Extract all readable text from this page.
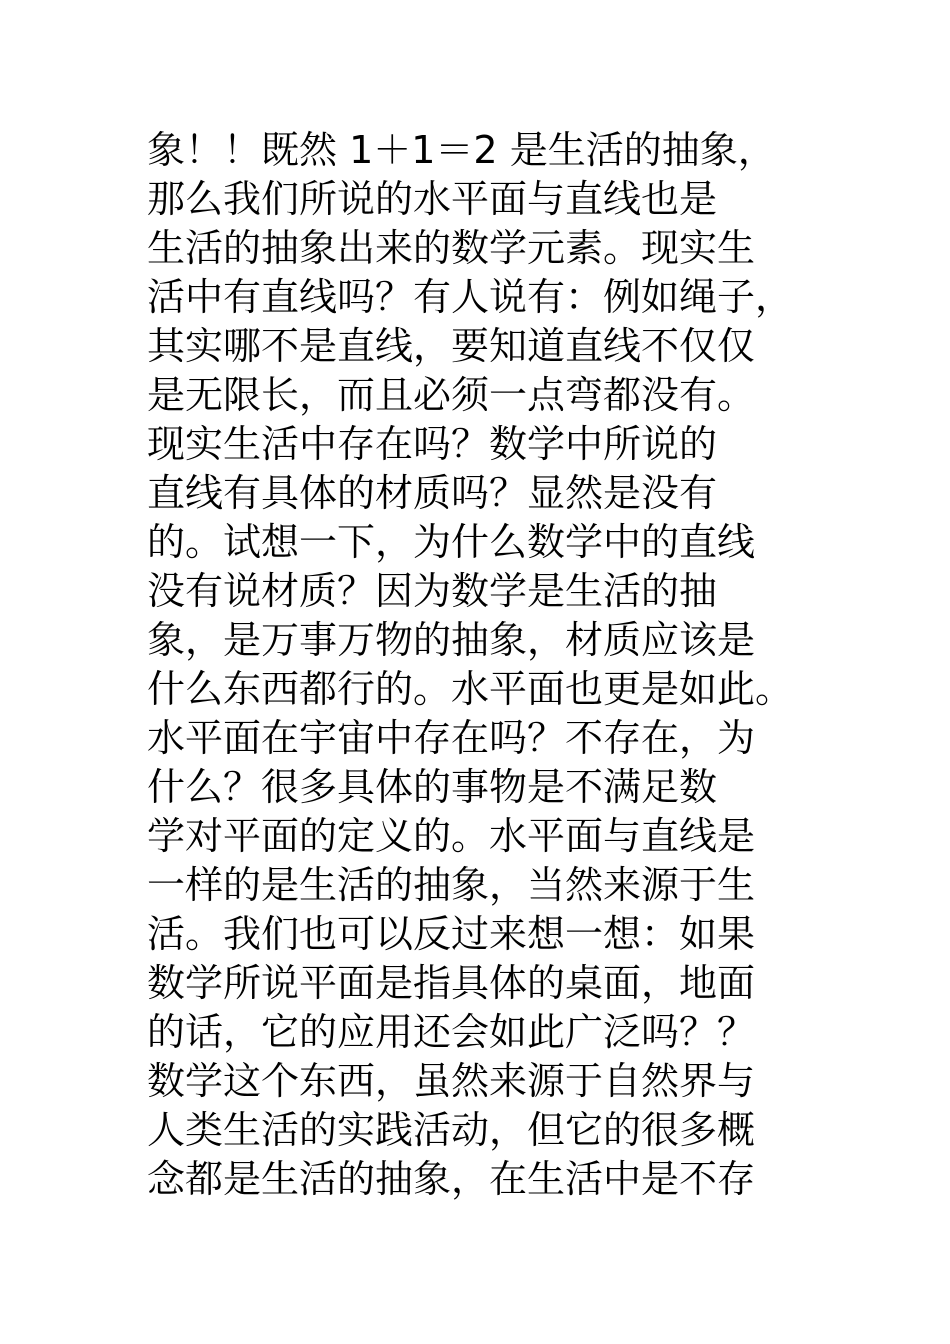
象！！既然 1＋1＝2 是生活的抽象，
那么我们所说的水平面与直线也是
生活的抽象出来的数学元素。现实生
活中有直线吗？有人说有：例如绳子，
其实哪不是直线，要知道直线不仅仅
是无限长，而且必须一点弯都没有。
现实生活中存在吗？数学中所说的
直线有具体的材质吗？显然是没有
的。试想一下，为什么数学中的直线
没有说材质？因为数学是生活的抽
象，是万事万物的抽象，材质应该是
什么东西都行的。水平面也更是如此。
水平面在宇宙中存在吗？不存在，为
什么？很多具体的事物是不满足数
学对平面的定义的。水平面与直线是
一样的是生活的抽象，当然来源于生
活。我们也可以反过来想一想：如果
数学所说平面是指具体的桌面，地面
的话，它的应用还会如此广泛吗？？
数学这个东西，虽然来源于自然界与
人类生活的实践活动，但它的很多概
念都是生活的抽象，在生活中是不存
